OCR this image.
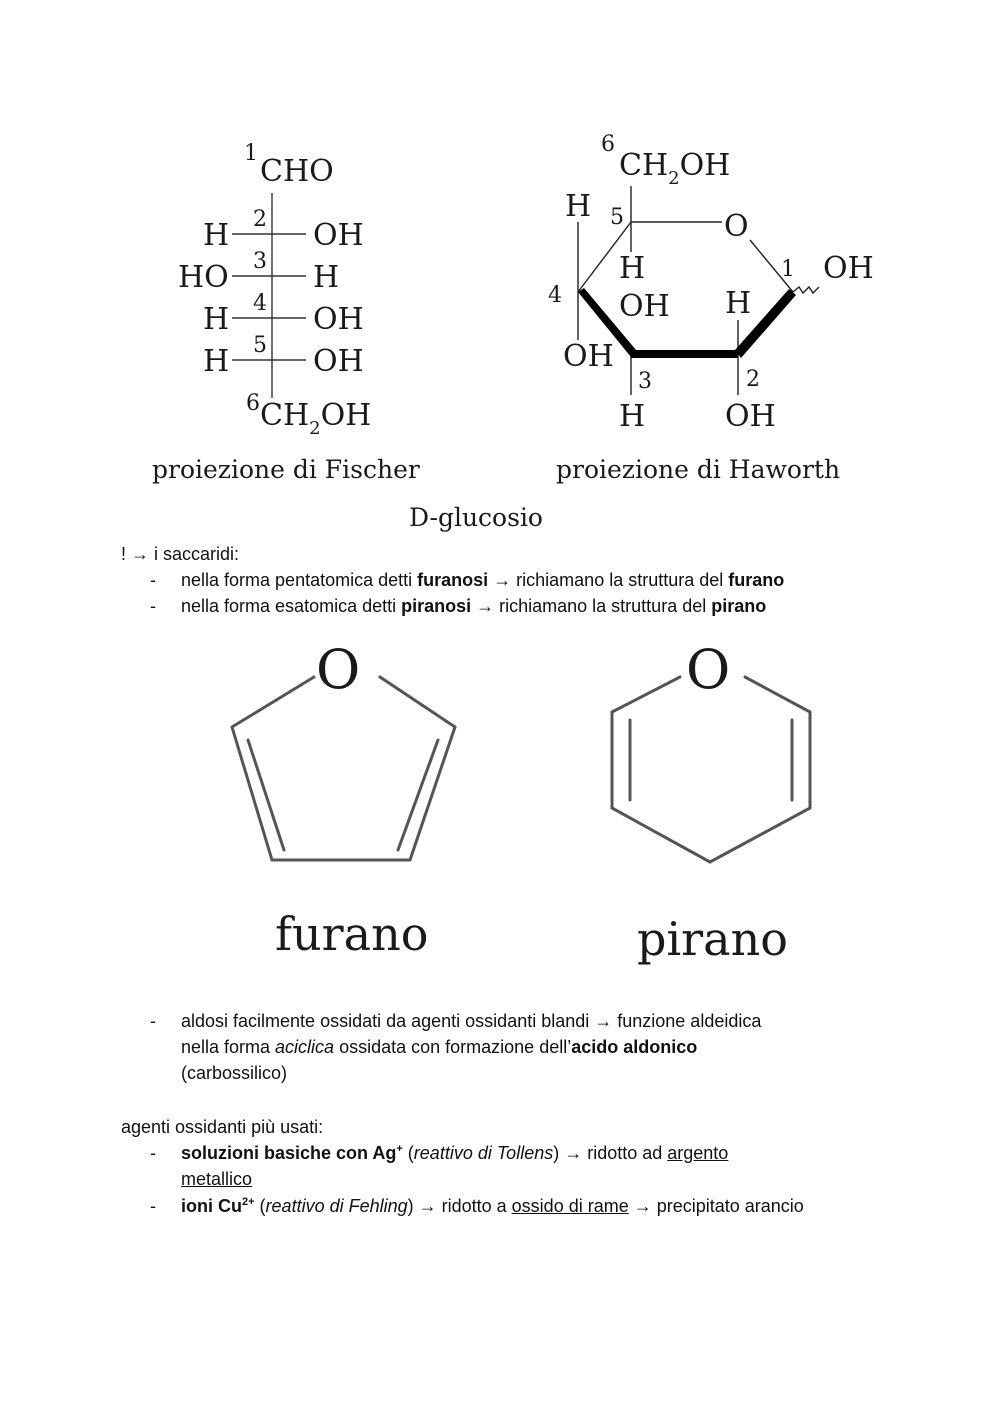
1
CHO
2
H	OH
3
HO	H
4
H	OH
5
H	OH
6 $CH_2OH$
proiezione di Fischer
6
$CH_2OH$
H 5	O
H	1 OH
4 OH H
OH
3	2
H	OH
proiezione di Haworth
D-glucosio
O
furano
O
pirano
! → i saccaridi:
- nella forma pentatomica detti furanosi → richiamano la struttura del furano
- nella forma esatomica detti piranosi → richiamano la struttura del pirano
- aldosi facilmente ossidati da agenti ossidanti blandi → funzione aldeidica
nella forma aciclica ossidata con formazione dell’acido aldonico
(carbossilico)
agenti ossidanti più usati:
- soluzioni basiche con Ag+ (reattivo di Tollens) → ridotto ad argento
metallico
- ioni $Cu^{2+}$ (reattivo di Fehling) → ridotto a ossido di rame → precipitato arancio
